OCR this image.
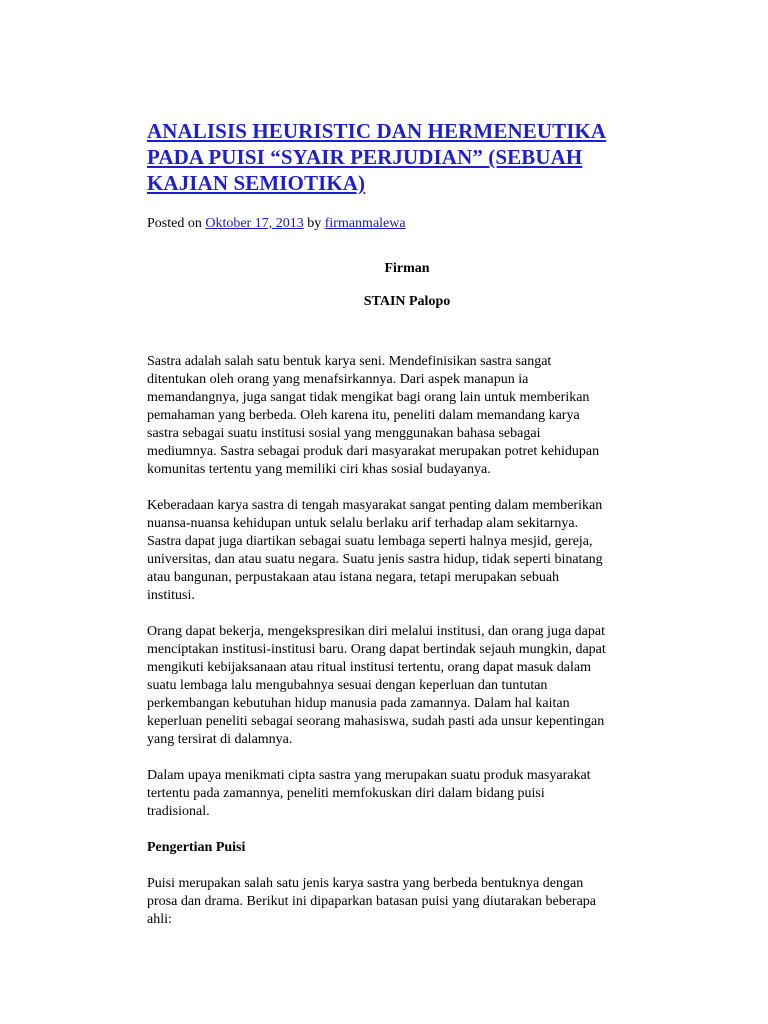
ANALISIS HEURISTIC DAN HERMENEUTIKA
PADA PUISI “SYAIR PERJUDIAN” (SEBUAH
KAJIAN SEMIOTIKA)
Posted on Oktober 17, 2013 by firmanmalewa
Firman
STAIN Palopo

Sastra adalah salah satu bentuk karya seni. Mendefinisikan sastra sangat
ditentukan oleh orang yang menafsirkannya. Dari aspek manapun ia
memandangnya, juga sangat tidak mengikat bagi orang lain untuk memberikan
pemahaman yang berbeda. Oleh karena itu, peneliti dalam memandang karya
sastra sebagai suatu institusi sosial yang menggunakan bahasa sebagai
mediumnya. Sastra sebagai produk dari masyarakat merupakan potret kehidupan
komunitas tertentu yang memiliki ciri khas sosial budayanya.

Keberadaan karya sastra di tengah masyarakat sangat penting dalam memberikan
nuansa-nuansa kehidupan untuk selalu berlaku arif terhadap alam sekitarnya.
Sastra dapat juga diartikan sebagai suatu lembaga seperti halnya mesjid, gereja,
universitas, dan atau suatu negara. Suatu jenis sastra hidup, tidak seperti binatang
atau bangunan, perpustakaan atau istana negara, tetapi merupakan sebuah
institusi.

Orang dapat bekerja, mengekspresikan diri melalui institusi, dan orang juga dapat
menciptakan institusi-institusi baru. Orang dapat bertindak sejauh mungkin, dapat
mengikuti kebijaksanaan atau ritual institusi tertentu, orang dapat masuk dalam
suatu lembaga lalu mengubahnya sesuai dengan keperluan dan tuntutan
perkembangan kebutuhan hidup manusia pada zamannya. Dalam hal kaitan
keperluan peneliti sebagai seorang mahasiswa, sudah pasti ada unsur kepentingan
yang tersirat di dalamnya.

Dalam upaya menikmati cipta sastra yang merupakan suatu produk masyarakat
tertentu pada zamannya, peneliti memfokuskan diri dalam bidang puisi
tradisional.

Pengertian Puisi

Puisi merupakan salah satu jenis karya sastra yang berbeda bentuknya dengan
prosa dan drama. Berikut ini dipaparkan batasan puisi yang diutarakan beberapa
ahli:
